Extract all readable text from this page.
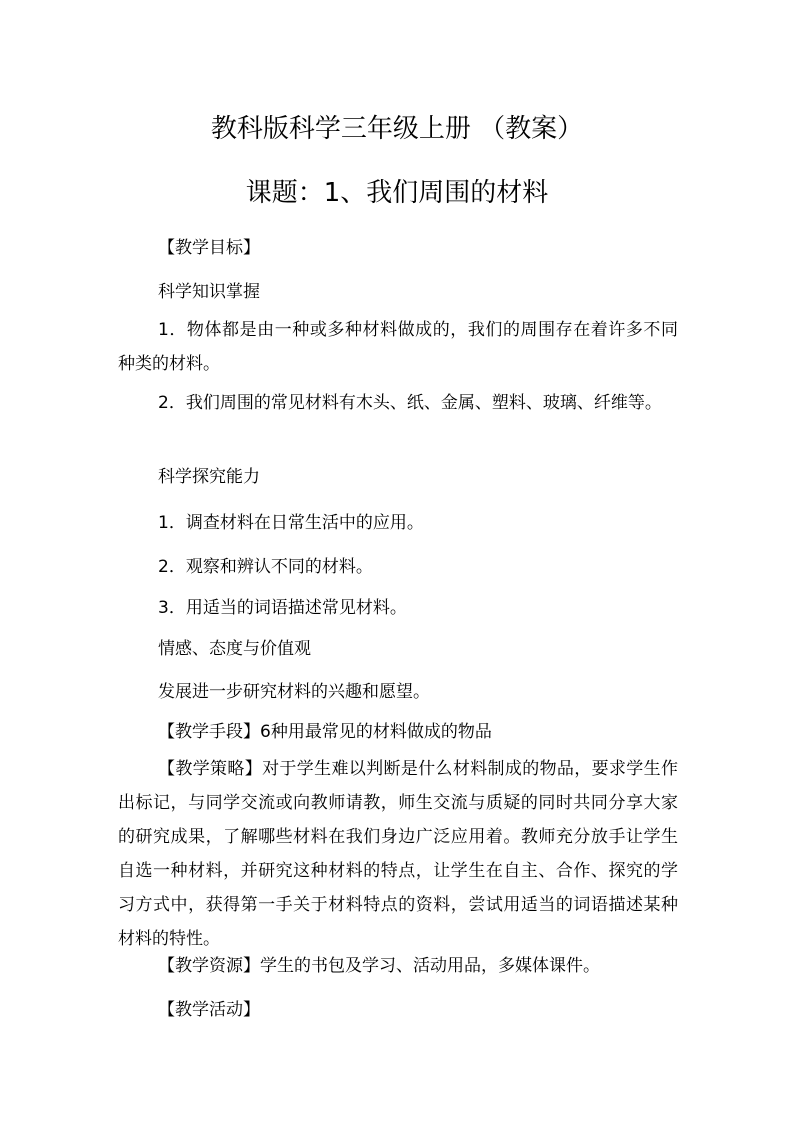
教科版科学三年级上册 （教案）
课题：1、我们周围的材料
【教学目标】
科学知识掌握
1．物体都是由一种或多种材料做成的，我们的周围存在着许多不同种类的材料。
2．我们周围的常见材料有木头、纸、金属、塑料、玻璃、纤维等。
科学探究能力
1．调查材料在日常生活中的应用。
2．观察和辨认不同的材料。
3．用适当的词语描述常见材料。
情感、态度与价值观
发展进一步研究材料的兴趣和愿望。
【教学手段】6种用最常见的材料做成的物品
【教学策略】对于学生难以判断是什么材料制成的物品，要求学生作出标记，与同学交流或向教师请教，师生交流与质疑的同时共同分享大家的研究成果，了解哪些材料在我们身边广泛应用着。教师充分放手让学生自选一种材料，并研究这种材料的特点，让学生在自主、合作、探究的学习方式中，获得第一手关于材料特点的资料，尝试用适当的词语描述某种材料的特性。
【教学资源】学生的书包及学习、活动用品，多媒体课件。
【教学活动】
